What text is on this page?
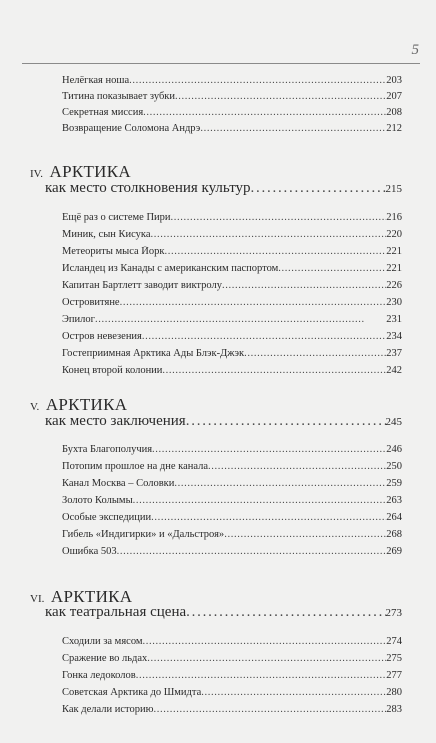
5
Нелёгкая ноша . . .	203
Титина показывает зубки . . .	207
Секретная миссия . . .	208
Возвращение Соломона Андрэ . . .	212
IV. АРКТИКА
как место столкновения культур . . .	215
Ещё раз о системе Пири . . .	216
Миник, сын Кисука . . .	220
Метеориты мыса Йорк . . .	221
Исландец из Канады с американским паспортом . . .	221
Капитан Бартлетт заводит виктролу . . .	226
Островитяне . . .	230
Эпилог . . .	231
Остров невезения . . .	234
Гостеприимная Арктика Ады Блэк-Джэк . . .	237
Конец второй колонии . . .	242
V. АРКТИКА
как место заключения . . .	245
Бухта Благополучия . . .	246
Потопим прошлое на дне канала . . .	250
Канал Москва – Соловки . . .	259
Золото Колымы . . .	263
Особые экспедиции . . .	264
Гибель «Индигирки» и «Дальстроя» . . .	268
Ошибка 503 . . .	269
VI. АРКТИКА
как театральная сцена . . .	273
Сходили за мясом . . .	274
Сражение во льдах . . .	275
Гонка ледоколов . . .	277
Советская Арктика до Шмидта . . .	280
Как делали историю . . .	283
